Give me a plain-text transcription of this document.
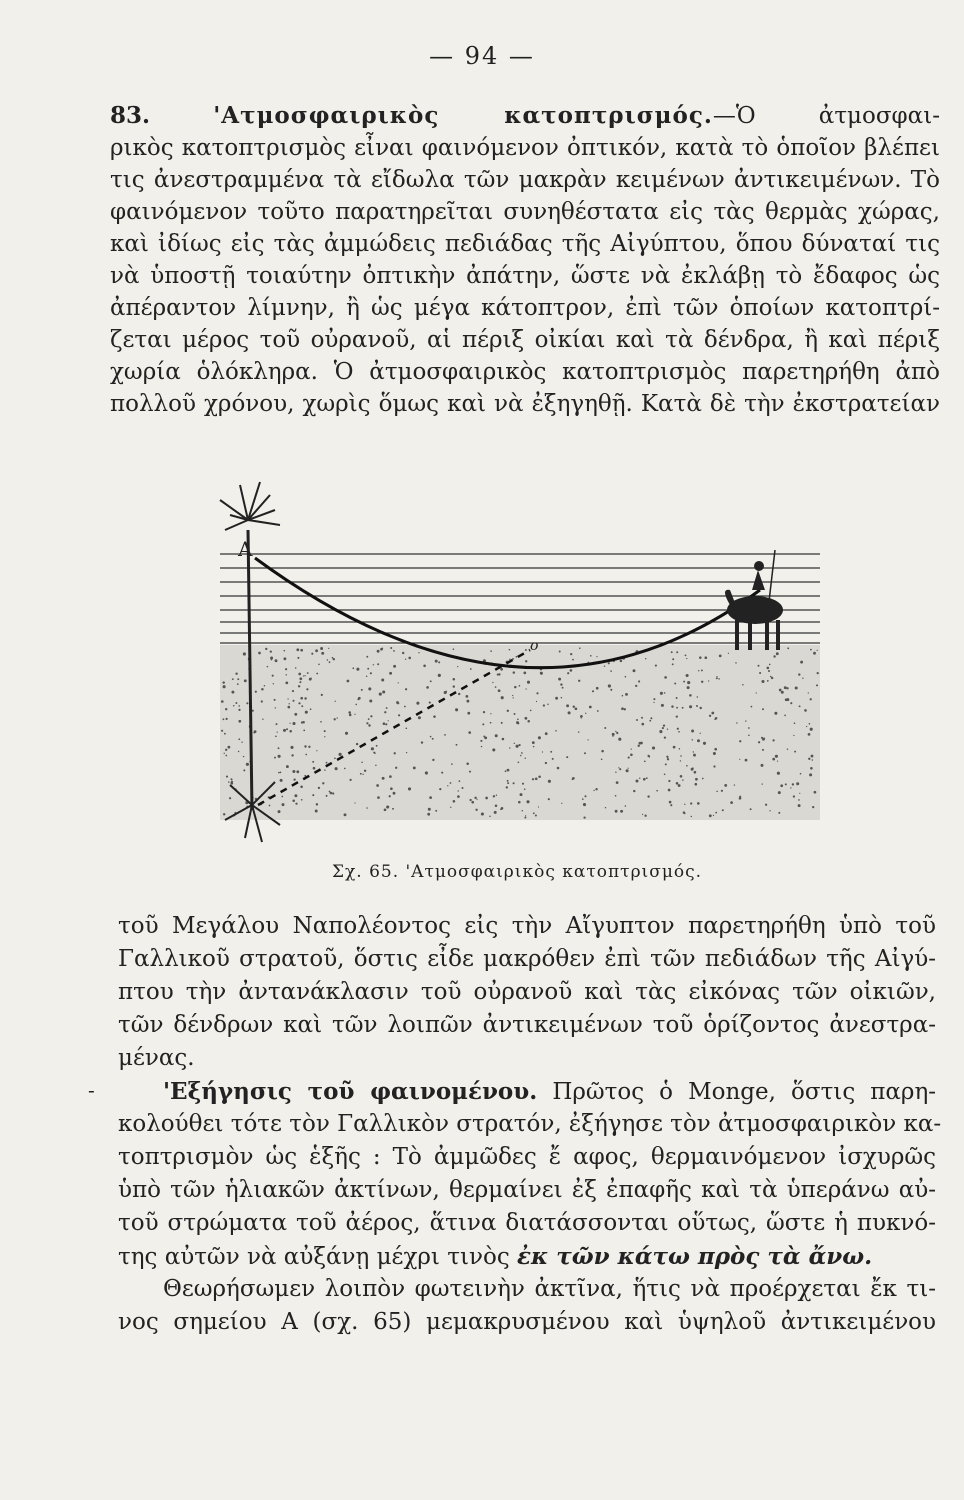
— 94 —
83.	'Ατμοσφαιρικὸς κατοπτρισμός.—Ὁ ἀτμοσφαι-
ρικὸς κατοπτρισμὸς εἶναι φαινόμενον ὀπτικόν, κατὰ τὸ ὁποῖον βλέπει
τις ἀνεστραμμένα τὰ εἴδωλα τῶν μακρὰν κειμένων ἀντικειμένων. Τὸ
φαινόμενον τοῦτο παρατηρεῖται συνηθέστατα εἰς τὰς θερμὰς χώρας,
καὶ ἰδίως εἰς τὰς ἀμμώδεις πεδιάδας τῆς Αἰγύπτου, ὅπου δύναταί τις
νὰ ὑποστῇ τοιαύτην ὀπτικὴν ἀπάτην, ὥστε νὰ ἐκλάβῃ τὸ ἔδαφος ὡς
ἀπέραντον λίμνην, ἢ ὡς μέγα κάτοπτρον, ἐπὶ τῶν ὁποίων κατοπτρί-
ζεται μέρος τοῦ οὐρανοῦ, αἱ πέριξ οἰκίαι καὶ τὰ δένδρα, ἢ καὶ πέριξ
χωρία ὁλόκληρα. Ὁ ἀτμοσφαιρικὸς κατοπτρισμὸς παρετηρήθη ἀπὸ
πολλοῦ χρόνου, χωρὶς ὅμως καὶ νὰ ἐξηγηθῇ. Κατὰ δὲ τὴν ἐκστρατείαν
A
o
Σχ. 65. 'Ατμοσφαιρικὸς κατοπτρισμός.
τοῦ Μεγάλου Ναπολέοντος εἰς τὴν Αἴγυπτον παρετηρήθη ὑπὸ τοῦ
Γαλλικοῦ στρατοῦ, ὅστις εἶδε μακρόθεν ἐπὶ τῶν πεδιάδων τῆς Αἰγύ-
πτου τὴν ἀντανάκλασιν τοῦ οὐρανοῦ καὶ τὰς εἰκόνας τῶν οἰκιῶν,
τῶν δένδρων καὶ τῶν λοιπῶν ἀντικειμένων τοῦ ὁρίζοντος ἀνεστρα-
μένας.
'Εξήγησις τοῦ φαινομένου. Πρῶτος ὁ Monge, ὅστις παρη-
κολούθει τότε τὸν Γαλλικὸν στρατόν, ἐξήγησε τὸν ἀτμοσφαιρικὸν κα-
τοπτρισμὸν ὡς ἑξῆς : Τὸ ἀμμῶδες ἔ αφος, θερμαινόμενον ἰσχυρῶς
ὑπὸ τῶν ἡλιακῶν ἀκτίνων, θερμαίνει ἐξ ἐπαφῆς καὶ τὰ ὑπεράνω αὐ-
τοῦ στρώματα τοῦ ἀέρος, ἅτινα διατάσσονται οὕτως, ὥστε ἡ πυκνό-
της αὐτῶν νὰ αὐξάνῃ μέχρι τινὸς ἐκ τῶν κάτω πρὸς τὰ ἄνω.
Θεωρήσωμεν λοιπὸν φωτεινὴν ἀκτῖνα, ἥτις νὰ προέρχεται ἔκ τι-
νος σημείου Α (σχ. 65) μεμακρυσμένου καὶ ὑψηλοῦ ἀντικειμένου
-
